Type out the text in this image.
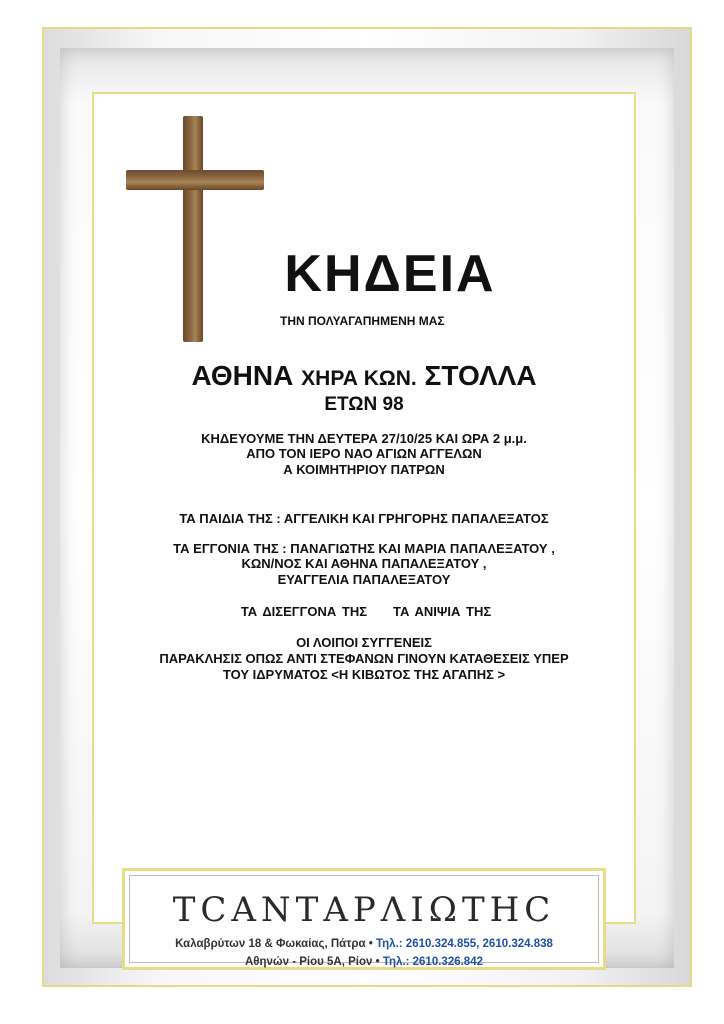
ΚΗΔΕΙΑ

ΤΗΝ ΠΟΛΥΑΓΑΠΗΜΕΝΗ ΜΑΣ

ΑΘΗΝΑ ΧΗΡΑ ΚΩΝ. ΣΤΟΛΛΑ

ΕΤΩΝ 98

ΚΗΔΕΥΟΥΜΕ ΤΗΝ ΔΕΥΤΕΡΑ 27/10/25 ΚΑΙ ΩΡΑ 2 μ.μ.

ΑΠΟ ΤΟΝ ΙΕΡΟ ΝΑΟ ΑΓΙΩΝ ΑΓΓΕΛΩΝ

Α ΚΟΙΜΗΤΗΡΙΟΥ ΠΑΤΡΩΝ

ΤΑ ΠΑΙΔΙΑ ΤΗΣ : ΑΓΓΕΛΙΚΗ ΚΑΙ ΓΡΗΓΟΡΗΣ ΠΑΠΑΛΕΞΑΤΟΣ

ΤΑ ΕΓΓΟΝΙΑ ΤΗΣ : ΠΑΝΑΓΙΩΤΗΣ ΚΑΙ ΜΑΡΙΑ ΠΑΠΑΛΕΞΑΤΟΥ ,

ΚΩΝ/ΝΟΣ ΚΑΙ ΑΘΗΝΑ ΠΑΠΑΛΕΞΑΤΟΥ ,

ΕΥΑΓΓΕΛΙΑ ΠΑΠΑΛΕΞΑΤΟΥ

ΤΑ ΔΙΣΕΓΓΟΝΑ ΤΗΣ ΤΑ ΑΝΙΨΙΑ ΤΗΣ

ΟΙ ΛΟΙΠΟΙ ΣΥΓΓΕΝΕΙΣ

ΠΑΡΑΚΛΗΣΙΣ ΟΠΩΣ ΑΝΤΙ ΣΤΕΦΑΝΩΝ ΓΙΝΟΥΝ ΚΑΤΑΘΕΣΕΙΣ ΥΠΕΡ

ΤΟΥ ΙΔΡΥΜΑΤΟΣ <Η ΚΙΒΩΤΟΣ ΤΗΣ ΑΓΑΠΗΣ >

ΤCΑΝΤΑΡΛΙΩΤΗC

Καλαβρύτων 18 & Φωκαίας, Πάτρα • Τηλ.: 2610.324.855, 2610.324.838

Αθηνών - Ρίου 5Α, Ρίον • Τηλ.: 2610.326.842
